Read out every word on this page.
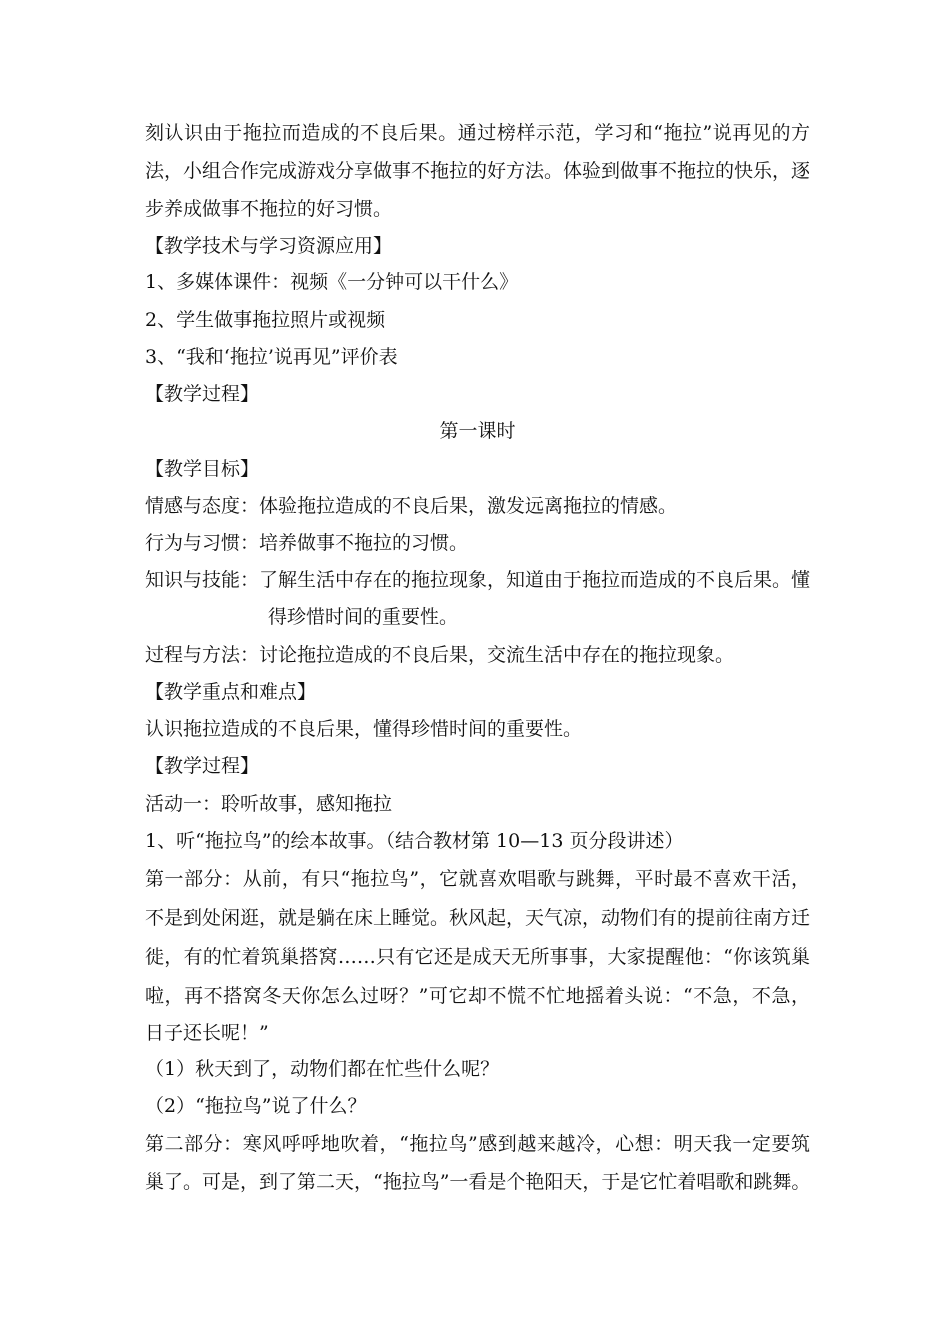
刻认识由于拖拉而造成的不良后果。通过榜样示范，学习和“拖拉”说再见的方
法，小组合作完成游戏分享做事不拖拉的好方法。体验到做事不拖拉的快乐，逐
步养成做事不拖拉的好习惯。
【教学技术与学习资源应用】
1、多媒体课件：视频《一分钟可以干什么》
2、学生做事拖拉照片或视频
3、“我和‘拖拉’说再见”评价表
【教学过程】
第一课时
【教学目标】
情感与态度：体验拖拉造成的不良后果，激发远离拖拉的情感。
行为与习惯：培养做事不拖拉的习惯。
知识与技能：了解生活中存在的拖拉现象，知道由于拖拉而造成的不良后果。懂
得珍惜时间的重要性。
过程与方法：讨论拖拉造成的不良后果，交流生活中存在的拖拉现象。
【教学重点和难点】
认识拖拉造成的不良后果，懂得珍惜时间的重要性。
【教学过程】
活动一：聆听故事，感知拖拉
1、听“拖拉鸟”的绘本故事。（结合教材第 10—13 页分段讲述）
第一部分：从前，有只“拖拉鸟”，它就喜欢唱歌与跳舞，平时最不喜欢干活，
不是到处闲逛，就是躺在床上睡觉。秋风起，天气凉，动物们有的提前往南方迁
徙，有的忙着筑巢搭窝……只有它还是成天无所事事，大家提醒他：“你该筑巢
啦，再不搭窝冬天你怎么过呀？”可它却不慌不忙地摇着头说：“不急，不急，
日子还长呢！”
（1）秋天到了，动物们都在忙些什么呢？
（2）“拖拉鸟”说了什么？
第二部分：寒风呼呼地吹着，“拖拉鸟”感到越来越冷，心想：明天我一定要筑
巢了。可是，到了第二天，“拖拉鸟”一看是个艳阳天，于是它忙着唱歌和跳舞。
